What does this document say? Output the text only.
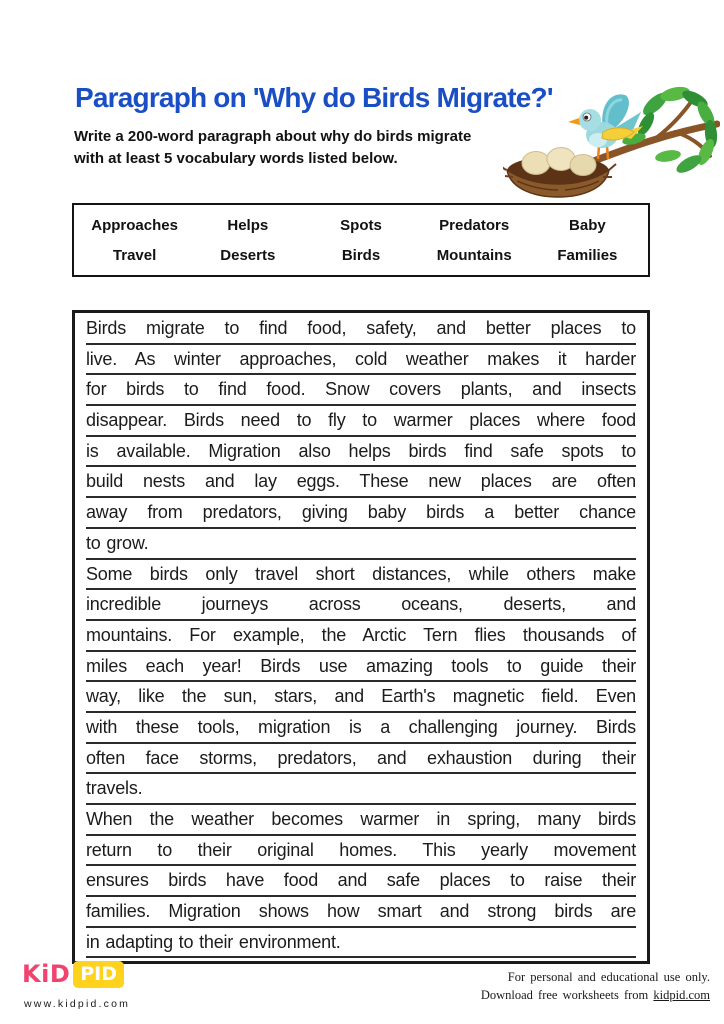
Paragraph on 'Why do Birds Migrate?'

Write a 200-word paragraph about why do birds migrate
with at least 5 vocabulary words listed below.

Approaches	Helps	Spots	Predators	Baby
Travel	Deserts	Birds	Mountains	Families
Birds migrate to find food, safety, and better places to
live. As winter approaches, cold weather makes it harder
for birds to find food. Snow covers plants, and insects
disappear. Birds need to fly to warmer places where food
is available. Migration also helps birds find safe spots to
build nests and lay eggs. These new places are often
away from predators, giving baby birds a better chance
to grow.
Some birds only travel short distances, while others make
incredible journeys across oceans, deserts, and
mountains. For example, the Arctic Tern flies thousands of
miles each year! Birds use amazing tools to guide their
way, like the sun, stars, and Earth's magnetic field. Even
with these tools, migration is a challenging journey. Birds
often face storms, predators, and exhaustion during their
travels.
When the weather becomes warmer in spring, many birds
return to their original homes. This yearly movement
ensures birds have food and safe places to raise their
families. Migration shows how smart and strong birds are
in adapting to their environment.
KiD PID
www.kidpid.com
For personal and educational use only.
Download free worksheets from kidpid.com
